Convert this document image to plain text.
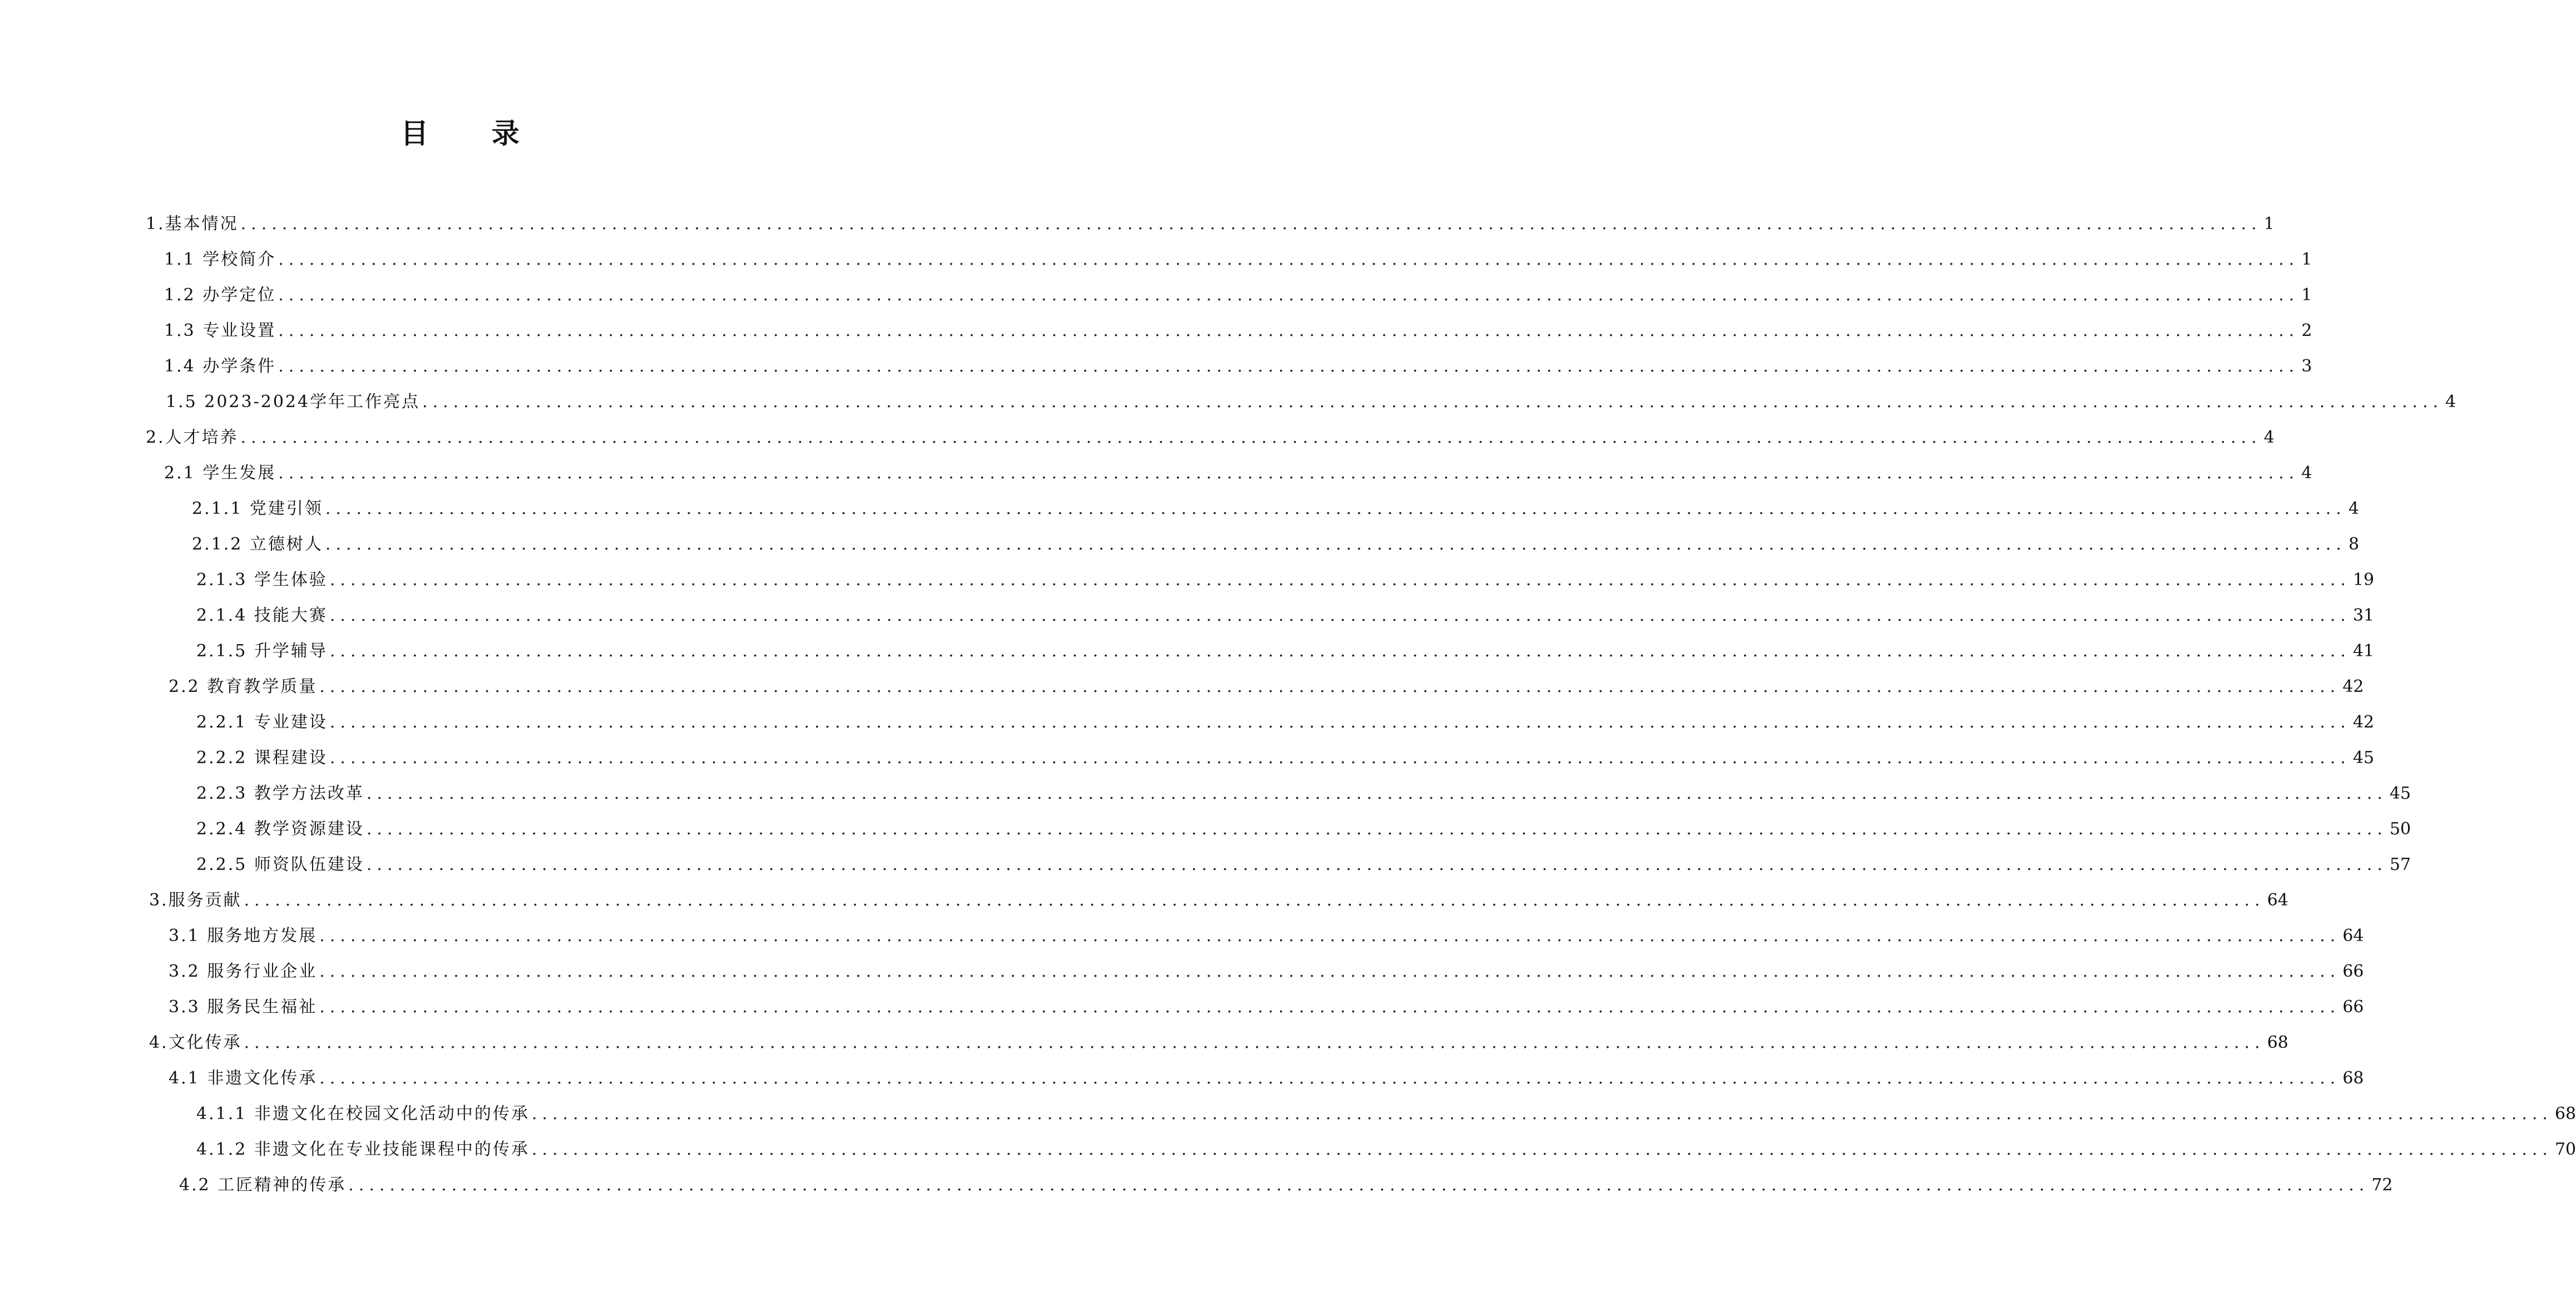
目 录
1.基本情况 .................................................................................................................................................................................................... 1
1.1 学校简介 .................................................................................................................................................................................................... 1
1.2 办学定位 .................................................................................................................................................................................................... 1
1.3 专业设置 .................................................................................................................................................................................................... 2
1.4 办学条件 .................................................................................................................................................................................................... 3
1.5 2023-2024学年工作亮点 .................................................................................................................................................................................................... 4
2.人才培养 .................................................................................................................................................................................................... 4
2.1 学生发展 .................................................................................................................................................................................................... 4
2.1.1 党建引领 .................................................................................................................................................................................................... 4
2.1.2 立德树人 .................................................................................................................................................................................................... 8
2.1.3 学生体验 .................................................................................................................................................................................................... 19
2.1.4 技能大赛 .................................................................................................................................................................................................... 31
2.1.5 升学辅导 .................................................................................................................................................................................................... 41
2.2 教育教学质量 .................................................................................................................................................................................................... 42
2.2.1 专业建设 .................................................................................................................................................................................................... 42
2.2.2 课程建设 .................................................................................................................................................................................................... 45
2.2.3 教学方法改革 .................................................................................................................................................................................................... 45
2.2.4 教学资源建设 .................................................................................................................................................................................................... 50
2.2.5 师资队伍建设 .................................................................................................................................................................................................... 57
3.服务贡献 .................................................................................................................................................................................................... 64
3.1 服务地方发展 .................................................................................................................................................................................................... 64
3.2 服务行业企业 .................................................................................................................................................................................................... 66
3.3 服务民生福祉 .................................................................................................................................................................................................... 66
4.文化传承 .................................................................................................................................................................................................... 68
4.1 非遗文化传承 .................................................................................................................................................................................................... 68
4.1.1 非遗文化在校园文化活动中的传承 .................................................................................................................................................................................................... 68
4.1.2 非遗文化在专业技能课程中的传承 .................................................................................................................................................................................................... 70
4.2 工匠精神的传承 .................................................................................................................................................................................................... 72
